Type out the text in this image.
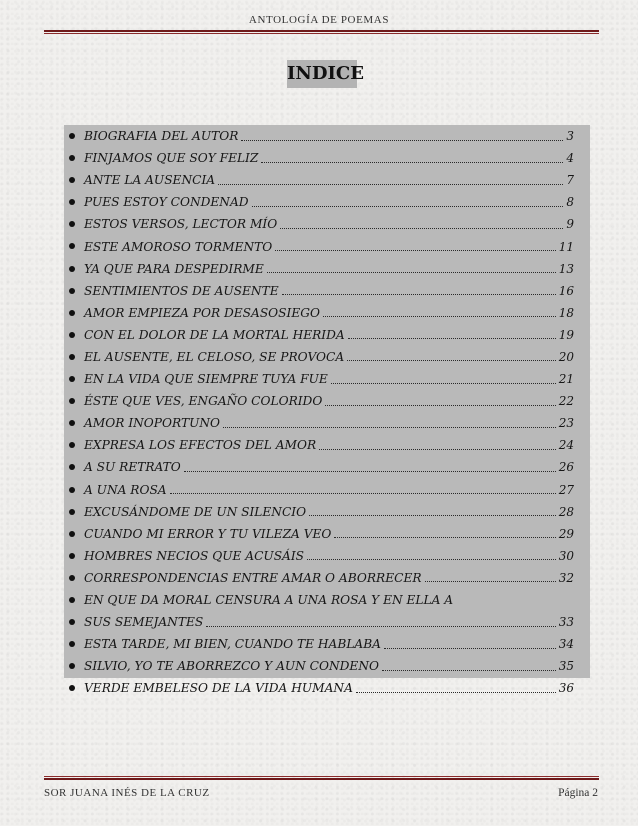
ANTOLOGÍA DE POEMAS
INDICE
BIOGRAFIA DEL AUTOR	3
FINJAMOS QUE SOY FELIZ	4
ANTE LA AUSENCIA	7
PUES ESTOY CONDENAD	8
ESTOS VERSOS, LECTOR MÍO	9
ESTE AMOROSO TORMENTO	11
YA QUE PARA DESPEDIRME	13
SENTIMIENTOS DE AUSENTE	16
AMOR EMPIEZA POR DESASOSIEGO	18
CON EL DOLOR DE LA MORTAL HERIDA	19
EL AUSENTE, EL CELOSO, SE PROVOCA	20
EN LA VIDA QUE SIEMPRE TUYA FUE	21
ÉSTE QUE VES, ENGAÑO COLORIDO	22
AMOR INOPORTUNO	23
EXPRESA LOS EFECTOS DEL AMOR	24
A SU RETRATO	26
A UNA ROSA	27
EXCUSÁNDOME DE UN SILENCIO	28
CUANDO MI ERROR Y TU VILEZA VEO	29
HOMBRES NECIOS QUE ACUSÁIS	30
CORRESPONDENCIAS ENTRE AMAR O ABORRECER	32
EN QUE DA MORAL CENSURA A UNA ROSA Y EN ELLA A
SUS SEMEJANTES	33
ESTA TARDE, MI BIEN, CUANDO TE HABLABA	34
SILVIO, YO TE ABORREZCO Y AUN CONDENO	35
VERDE EMBELESO DE LA VIDA HUMANA	36
SOR JUANA INÉS DE LA CRUZ	Página 2
